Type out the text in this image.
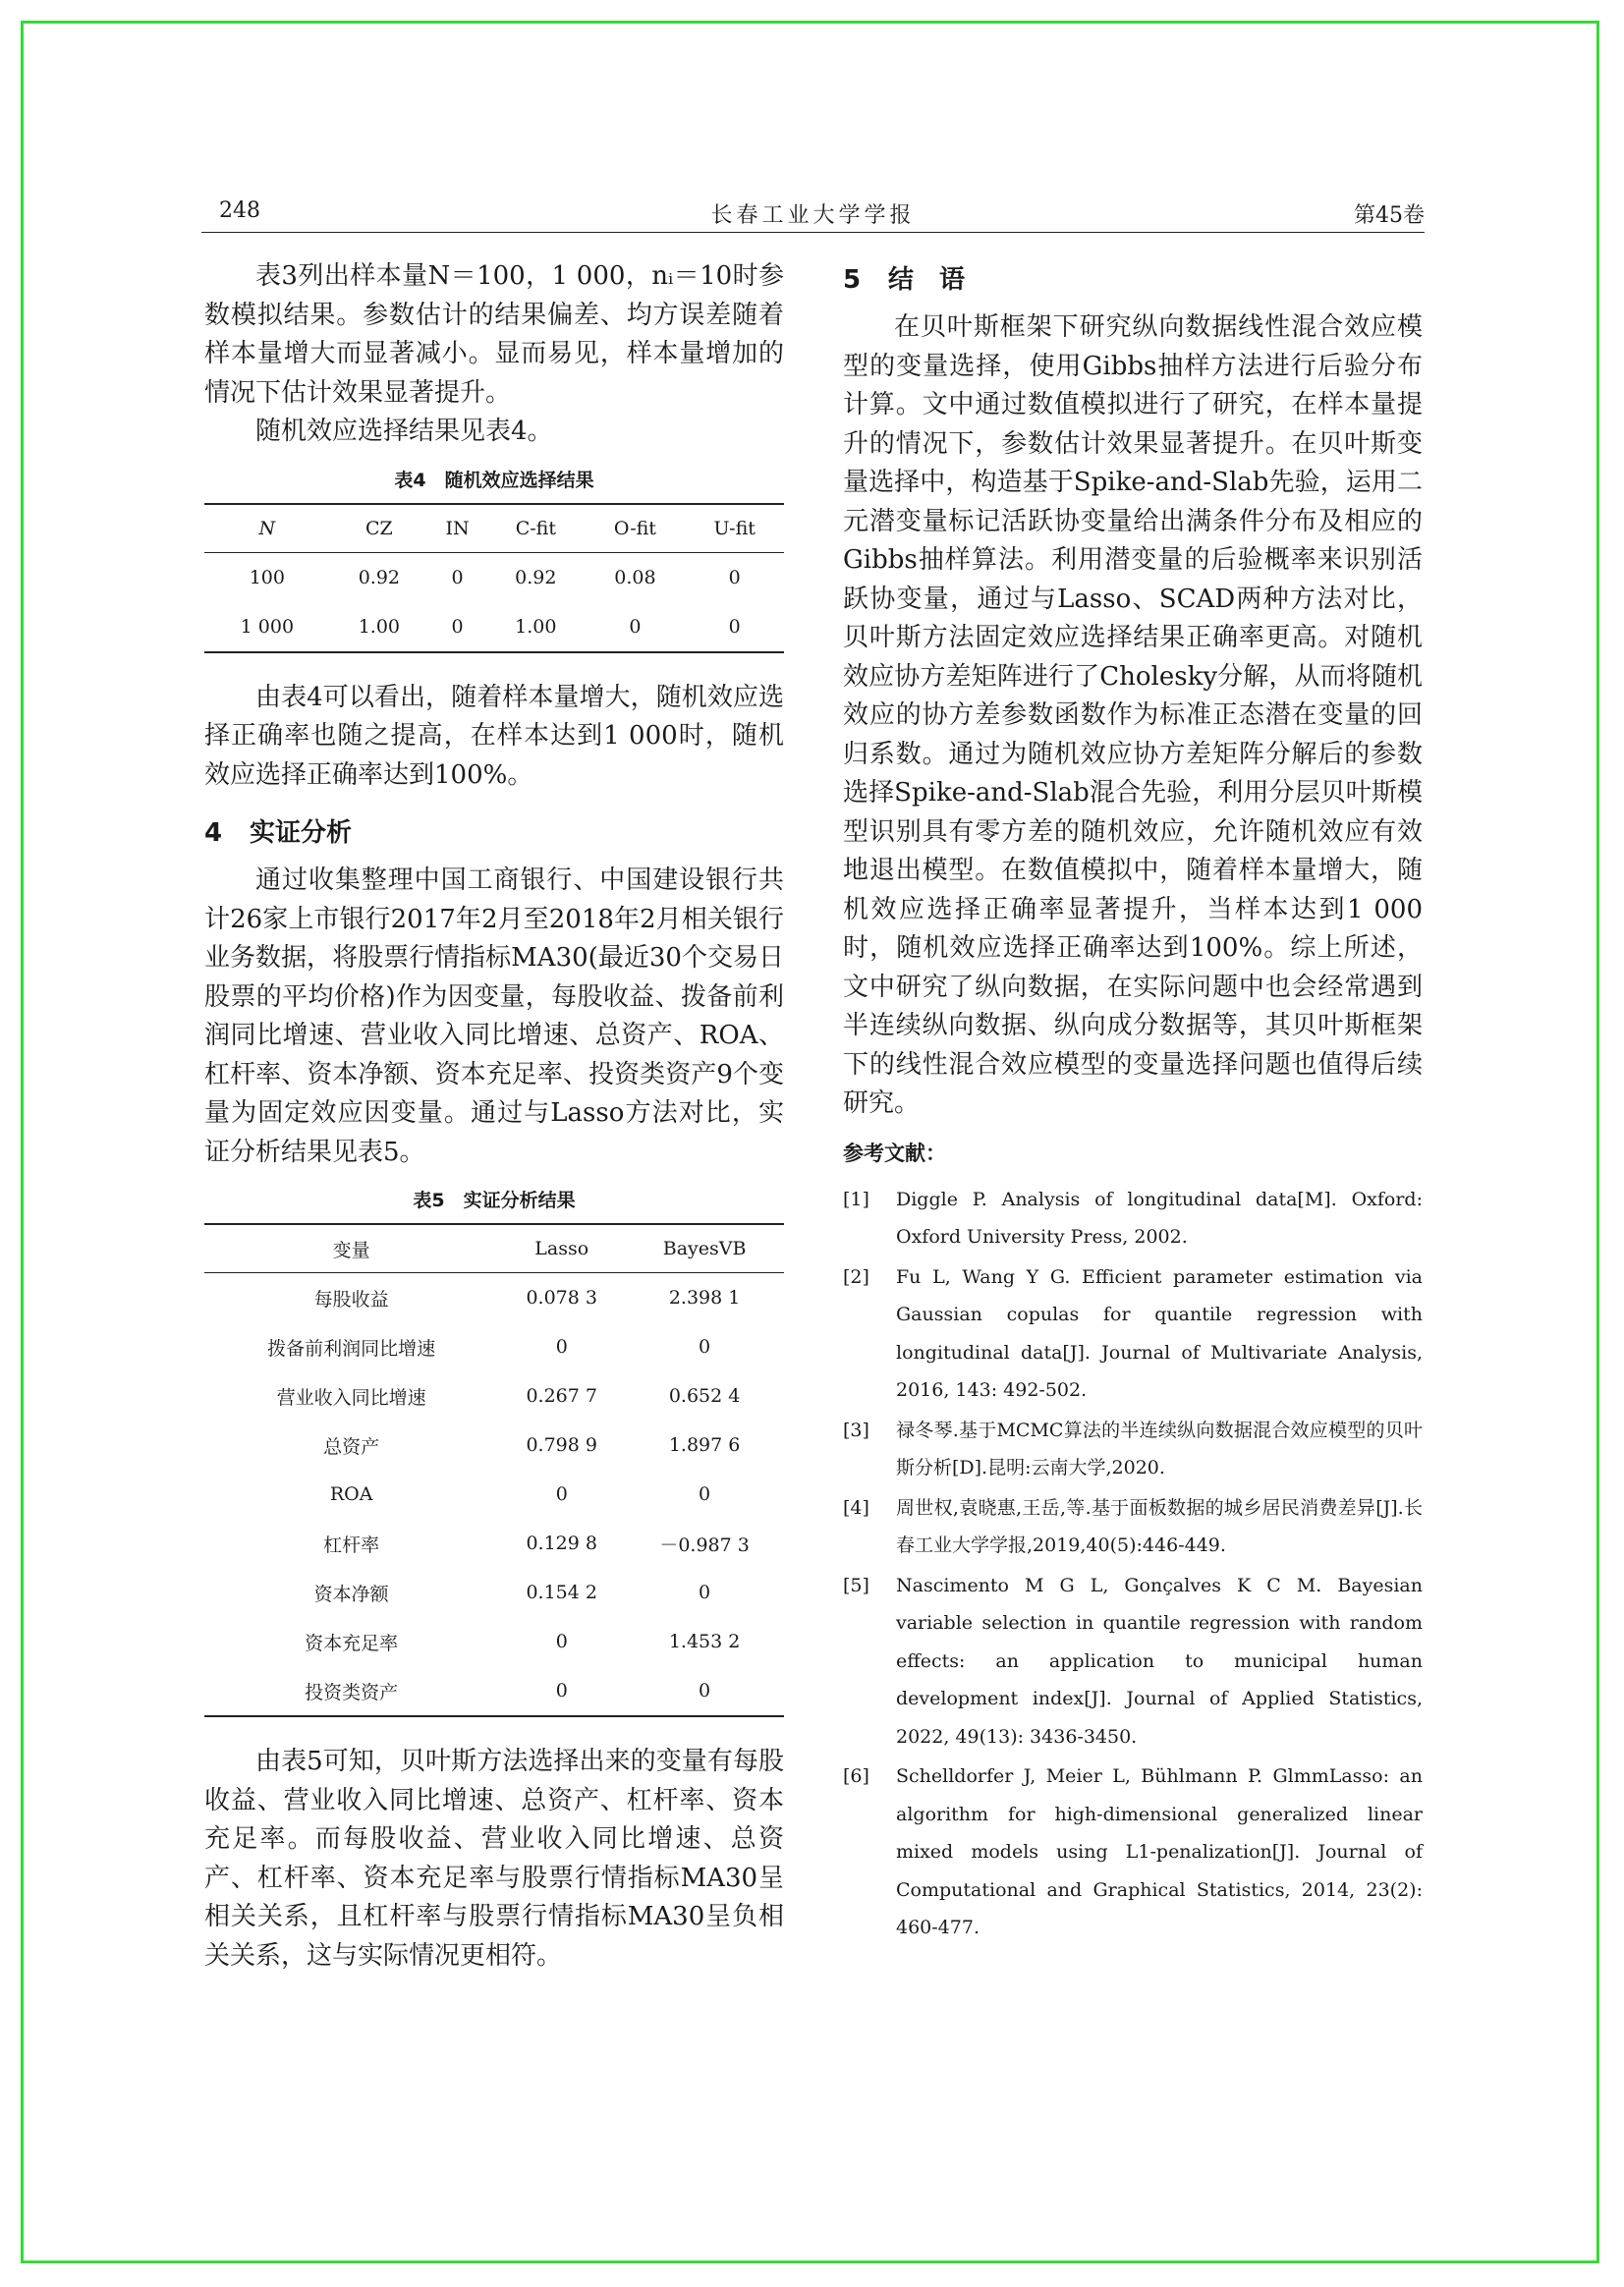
248	长春工业大学学报	第45卷

表3列出样本量N＝100，1 000，nᵢ＝10时参数模拟结果。参数估计的结果偏差、均方误差随着样本量增大而显著减小。显而易见，样本量增加的情况下估计效果显著提升。

随机效应选择结果见表4。

表4　随机效应选择结果
N	CZ	IN	C-fit	O-fit	U-fit
100	0.92	0	0.92	0.08	0
1 000	1.00	0	1.00	0	0

由表4可以看出，随着样本量增大，随机效应选择正确率也随之提高，在样本达到1 000时，随机效应选择正确率达到100%。

4 实证分析

通过收集整理中国工商银行、中国建设银行共计26家上市银行2017年2月至2018年2月相关银行业务数据，将股票行情指标MA30(最近30个交易日股票的平均价格)作为因变量，每股收益、拨备前利润同比增速、营业收入同比增速、总资产、ROA、杠杆率、资本净额、资本充足率、投资类资产9个变量为固定效应因变量。通过与Lasso方法对比，实证分析结果见表5。

表5　实证分析结果
变量	Lasso	BayesVB
每股收益	0.078 3	2.398 1
拨备前利润同比增速	0	0
营业收入同比增速	0.267 7	0.652 4
总资产	0.798 9	1.897 6
ROA	0	0
杠杆率	0.129 8	－0.987 3
资本净额	0.154 2	0
资本充足率	0	1.453 2
投资类资产	0	0

由表5可知，贝叶斯方法选择出来的变量有每股收益、营业收入同比增速、总资产、杠杆率、资本充足率。而每股收益、营业收入同比增速、总资产、杠杆率、资本充足率与股票行情指标MA30呈相关关系，且杠杆率与股票行情指标MA30呈负相关关系，这与实际情况更相符。

5 结　语

在贝叶斯框架下研究纵向数据线性混合效应模型的变量选择，使用Gibbs抽样方法进行后验分布计算。文中通过数值模拟进行了研究，在样本量提升的情况下，参数估计效果显著提升。在贝叶斯变量选择中，构造基于Spike-and-Slab先验，运用二元潜变量标记活跃协变量给出满条件分布及相应的Gibbs抽样算法。利用潜变量的后验概率来识别活跃协变量，通过与Lasso、SCAD两种方法对比，贝叶斯方法固定效应选择结果正确率更高。对随机效应协方差矩阵进行了Cholesky分解，从而将随机效应的协方差参数函数作为标准正态潜在变量的回归系数。通过为随机效应协方差矩阵分解后的参数选择Spike-and-Slab混合先验，利用分层贝叶斯模型识别具有零方差的随机效应，允许随机效应有效地退出模型。在数值模拟中，随着样本量增大，随机效应选择正确率显著提升，当样本达到1 000时，随机效应选择正确率达到100%。综上所述，文中研究了纵向数据，在实际问题中也会经常遇到半连续纵向数据、纵向成分数据等，其贝叶斯框架下的线性混合效应模型的变量选择问题也值得后续研究。

参考文献：
[1]	Diggle P. Analysis of longitudinal data[M]. Oxford: Oxford University Press, 2002.
[2]	Fu L, Wang Y G. Efficient parameter estimation via Gaussian copulas for quantile regression with longitudinal data[J]. Journal of Multivariate Analysis, 2016, 143: 492-502.
[3]	禄冬琴.基于MCMC算法的半连续纵向数据混合效应模型的贝叶斯分析[D].昆明:云南大学,2020.
[4]	周世权,袁晓惠,王岳,等.基于面板数据的城乡居民消费差异[J].长春工业大学学报,2019,40(5):446-449.
[5]	Nascimento M G L, Gonçalves K C M. Bayesian variable selection in quantile regression with random effects: an application to municipal human development index[J]. Journal of Applied Statistics, 2022, 49(13): 3436-3450.
[6]	Schelldorfer J, Meier L, Bühlmann P. GlmmLasso: an algorithm for high-dimensional generalized linear mixed models using L1-penalization[J]. Journal of Computational and Graphical Statistics, 2014, 23(2): 460-477.
